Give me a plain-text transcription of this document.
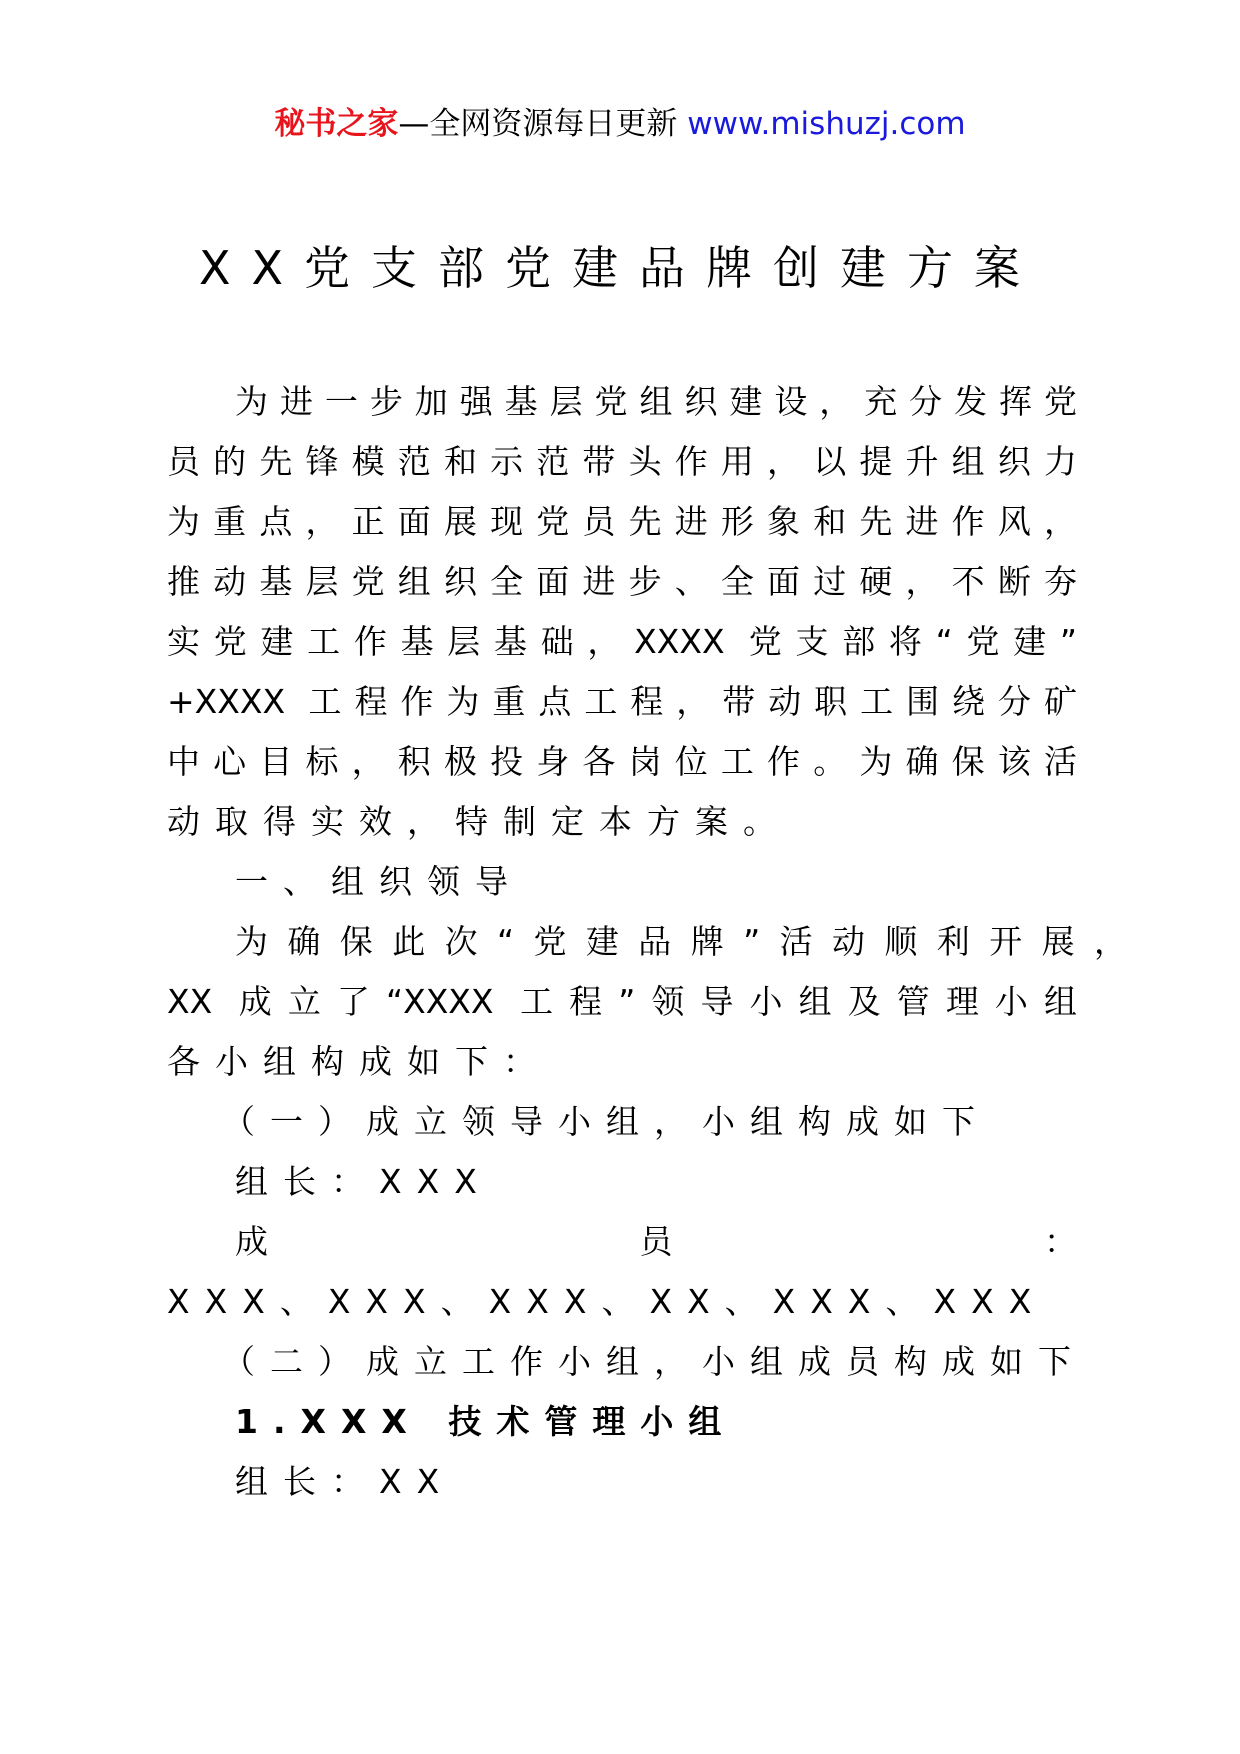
秘书之家—全网资源每日更新 www.mishuzj.com
XX党支部党建品牌创建方案
为进一步加强基层党组织建设，充分发挥党
员的先锋模范和示范带头作用，以提升组织力
为重点，正面展现党员先进形象和先进作风，
推动基层党组织全面进步、全面过硬，不断夯
实党建工作基层基础，XXXX 党支部将“党建”
+XXXX 工程作为重点工程，带动职工围绕分矿
中心目标，积极投身各岗位工作。为确保该活
动取得实效，特制定本方案。
一、组织领导
为确保此次“党建品牌”活动顺利开展，
XX 成立了“XXXX 工程”领导小组及管理小组
各小组构成如下：
（一）成立领导小组，小组构成如下
组长：XXX
成 员 ：
XXX、XXX、XXX、XX、XXX、XXX
（二）成立工作小组，小组成员构成如下
1.XXX 技术管理小组
组长：XX
